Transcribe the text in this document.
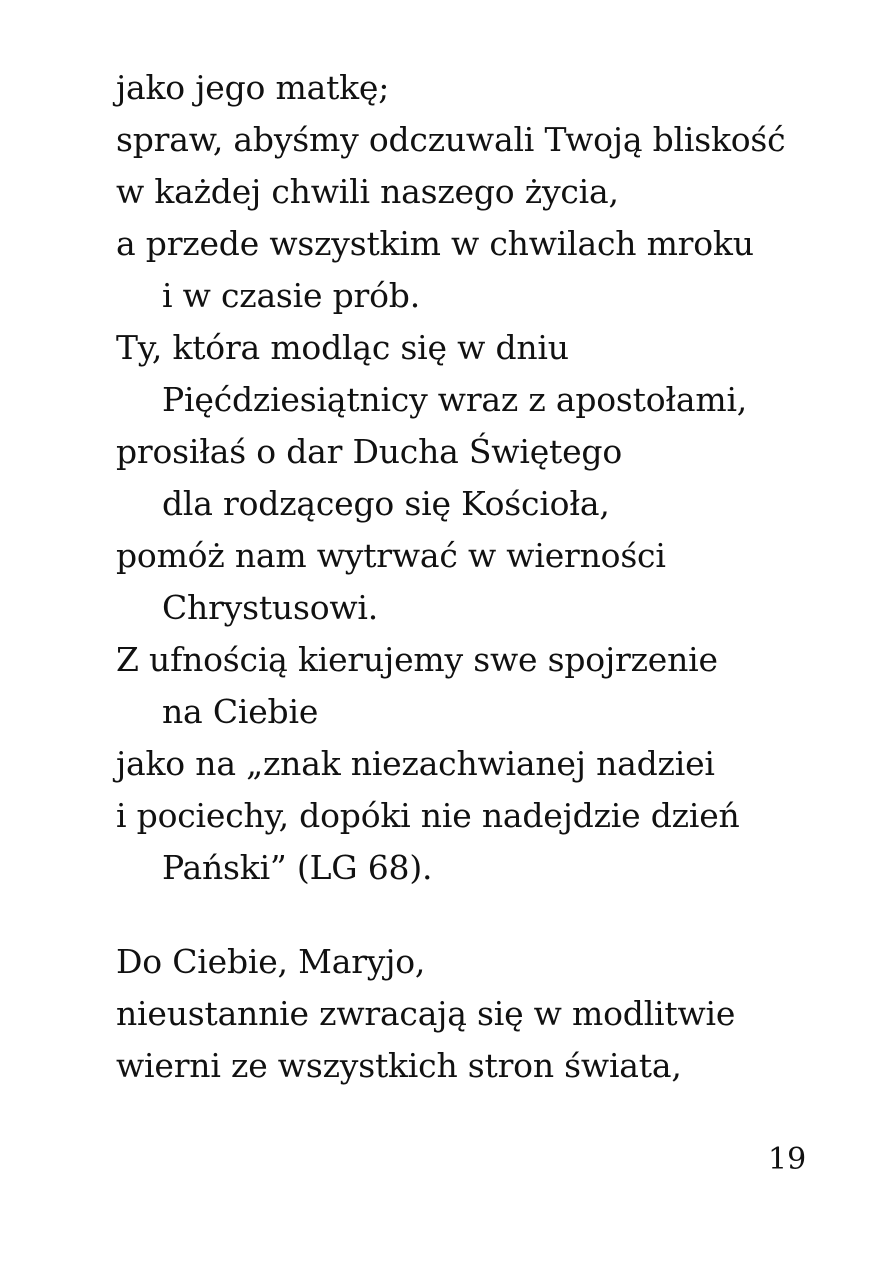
jako jego matkę;
spraw, abyśmy odczuwali Twoją bliskość
w każdej chwili naszego życia,
a przede wszystkim w chwilach mroku
i w czasie prób.
Ty, która modląc się w dniu
Pięćdziesiątnicy wraz z apostołami,
prosiłaś o dar Ducha Świętego
dla rodzącego się Kościoła,
pomóż nam wytrwać w wierności
Chrystusowi.
Z ufnością kierujemy swe spojrzenie
na Ciebie
jako na „znak niezachwianej nadziei
i pociechy, dopóki nie nadejdzie dzień
Pański” (LG 68).
Do Ciebie, Maryjo,
nieustannie zwracają się w modlitwie
wierni ze wszystkich stron świata,
19
